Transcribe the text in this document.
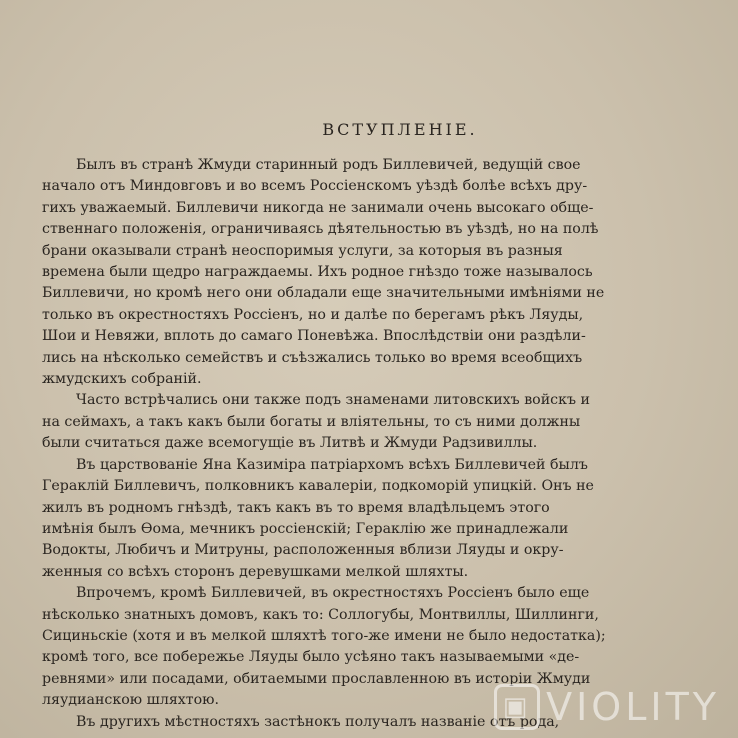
ВСТУПЛЕНІЕ.

Былъ въ странѣ Жмуди старинный родъ Биллевичей, ведущій свое
начало отъ Миндовговъ и во всемъ Россіенскомъ уѣздѣ болѣе всѣхъ дру-
гихъ уважаемый. Биллевичи никогда не занимали очень высокаго обще-
ственнаго положенія, ограничиваясь дѣятельностью въ уѣздѣ, но на полѣ
брани оказывали странѣ неоспоримыя услуги, за которыя въ разныя
времена были щедро награждаемы. Ихъ родное гнѣздо тоже называлось
Биллевичи, но кромѣ него они обладали еще значительными имѣніями не
только въ окрестностяхъ Россіенъ, но и далѣе по берегамъ рѣкъ Ляуды,
Шои и Невяжи, вплоть до самаго Поневѣжа. Впослѣдствіи они раздѣли-
лись на нѣсколько семействъ и съѣзжались только во время всеобщихъ
жмудскихъ собраній.

Часто встрѣчались они также подъ знаменами литовскихъ войскъ и
на сеймахъ, а такъ какъ были богаты и вліятельны, то съ ними должны
были считаться даже всемогущіе въ Литвѣ и Жмуди Радзивиллы.

Въ царствованіе Яна Казиміра патріархомъ всѣхъ Биллевичей былъ
Гераклій Биллевичъ, полковникъ кавалеріи, подкоморій упицкій. Онъ не
жилъ въ родномъ гнѣздѣ, такъ какъ въ то время владѣльцемъ этого
имѣнія былъ Ѳома, мечникъ россіенскій; Гераклію же принадлежали
Водокты, Любичъ и Митруны, расположенныя вблизи Ляуды и окру-
женныя со всѣхъ сторонъ деревушками мелкой шляхты.

Впрочемъ, кромѣ Биллевичей, въ окрестностяхъ Россіенъ было еще
нѣсколько знатныхъ домовъ, какъ то: Соллогубы, Монтвиллы, Шиллинги,
Сициньскіе (хотя и въ мелкой шляхтѣ того-же имени не было недостатка);
кромѣ того, все побережье Ляуды было усѣяно такъ называемыми «де-
ревнями» или посадами, обитаемыми прославленною въ исторіи Жмуди
ляудианскою шляхтою.

Въ другихъ мѣстностяхъ застѣнокъ получалъ названіе отъ рода,

▣ VIOLITY
